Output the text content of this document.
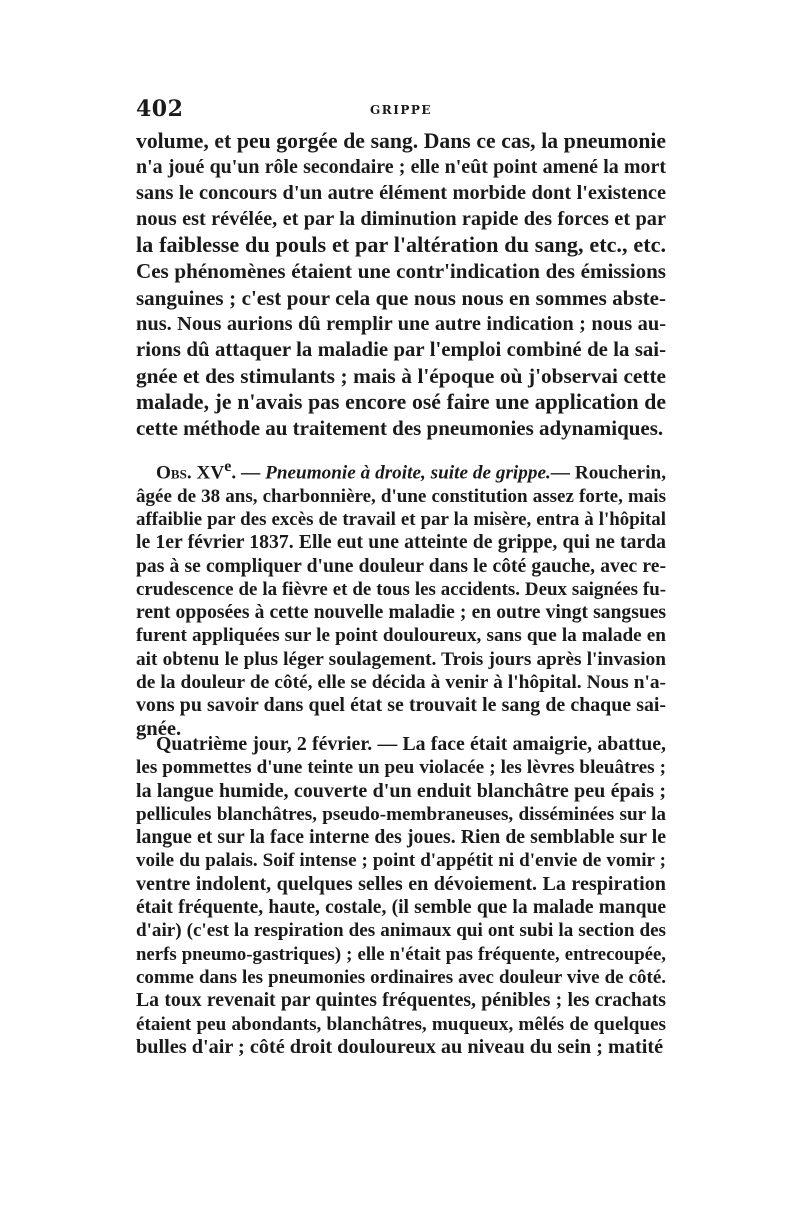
402	GRIPPE
volume, et peu gorgée de sang. Dans ce cas, la pneumonie
n'a joué qu'un rôle secondaire ; elle n'eût point amené la mort
sans le concours d'un autre élément morbide dont l'existence
nous est révélée, et par la diminution rapide des forces et par
la faiblesse du pouls et par l'altération du sang, etc., etc.
Ces phénomènes étaient une contr'indication des émissions
sanguines ; c'est pour cela que nous nous en sommes abste-
nus. Nous aurions dû remplir une autre indication ; nous au-
rions dû attaquer la maladie par l'emploi combiné de la sai-
gnée et des stimulants ; mais à l'époque où j'observai cette
malade, je n'avais pas encore osé faire une application de
cette méthode au traitement des pneumonies adynamiques.
Obs. XVe. — Pneumonie à droite, suite de grippe.— Roucherin,
âgée de 38 ans, charbonnière, d'une constitution assez forte, mais
affaiblie par des excès de travail et par la misère, entra à l'hôpital
le 1er février 1837. Elle eut une atteinte de grippe, qui ne tarda
pas à se compliquer d'une douleur dans le côté gauche, avec re-
crudescence de la fièvre et de tous les accidents. Deux saignées fu-
rent opposées à cette nouvelle maladie ; en outre vingt sangsues
furent appliquées sur le point douloureux, sans que la malade en
ait obtenu le plus léger soulagement. Trois jours après l'invasion
de la douleur de côté, elle se décida à venir à l'hôpital. Nous n'a-
vons pu savoir dans quel état se trouvait le sang de chaque sai-
gnée.
Quatrième jour, 2 février. — La face était amaigrie, abattue,
les pommettes d'une teinte un peu violacée ; les lèvres bleuâtres ;
la langue humide, couverte d'un enduit blanchâtre peu épais ;
pellicules blanchâtres, pseudo-membraneuses, disséminées sur la
langue et sur la face interne des joues. Rien de semblable sur le
voile du palais. Soif intense ; point d'appétit ni d'envie de vomir ;
ventre indolent, quelques selles en dévoiement. La respiration
était fréquente, haute, costale, (il semble que la malade manque
d'air) (c'est la respiration des animaux qui ont subi la section des
nerfs pneumo-gastriques) ; elle n'était pas fréquente, entrecoupée,
comme dans les pneumonies ordinaires avec douleur vive de côté.
La toux revenait par quintes fréquentes, pénibles ; les crachats
étaient peu abondants, blanchâtres, muqueux, mêlés de quelques
bulles d'air ; côté droit douloureux au niveau du sein ; matité
